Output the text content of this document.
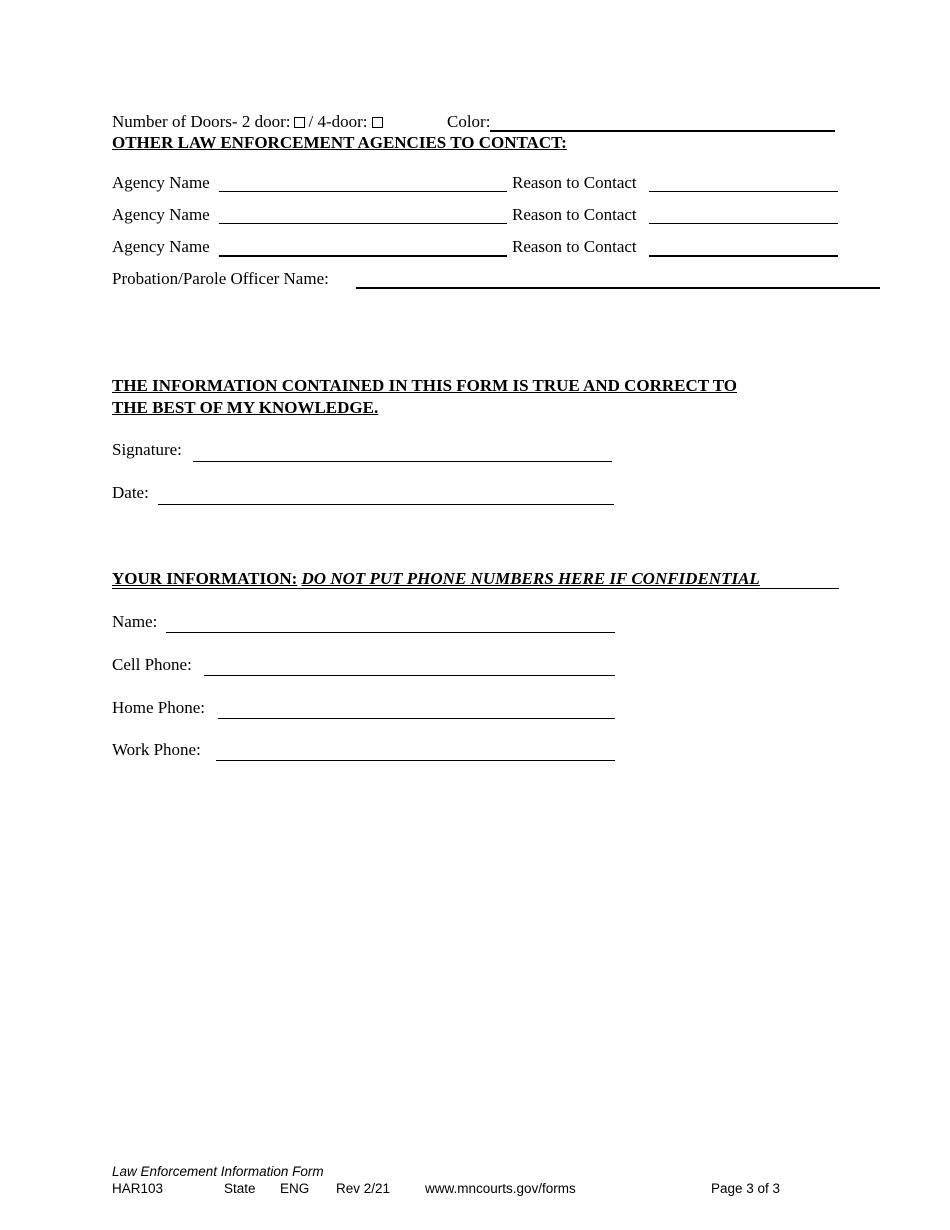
Number of Doors- 2 door: / 4-door:	Color:
OTHER LAW ENFORCEMENT AGENCIES TO CONTACT:
Agency Name	Reason to Contact
Agency Name	Reason to Contact
Agency Name	Reason to Contact
Probation/Parole Officer Name:
THE INFORMATION CONTAINED IN THIS FORM IS TRUE AND CORRECT TO
THE BEST OF MY KNOWLEDGE.
Signature:
Date:
YOUR INFORMATION: DO NOT PUT PHONE NUMBERS HERE IF CONFIDENTIAL
Name:
Cell Phone:
Home Phone:
Work Phone:
Law Enforcement Information Form
HAR103	State ENG Rev 2/21	www.mncourts.gov/forms	Page 3 of 3
